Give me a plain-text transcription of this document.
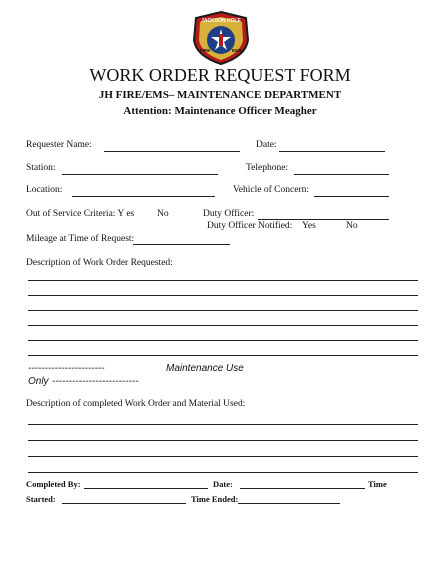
JACKSON HOLE
FIRE	EMS
WORK ORDER REQUEST FORM
JH FIRE/EMS– MAINTENANCE DEPARTMENT
Attention: Maintenance Officer Meagher
Requester Name:	Date:
Station:	Telephone:
Location:	Vehicle of Concern:
Out of Service Criteria: Y es No	Duty Officer:
Duty Officer Notified: Yes	No
Mileage at Time of Request:
Description of Work Order Requested:
-----------------------	Maintenance Use
Only --------------------------
Description of completed Work Order and Material Used:
Completed By:	Date:	Time
Started:	Time Ended:
